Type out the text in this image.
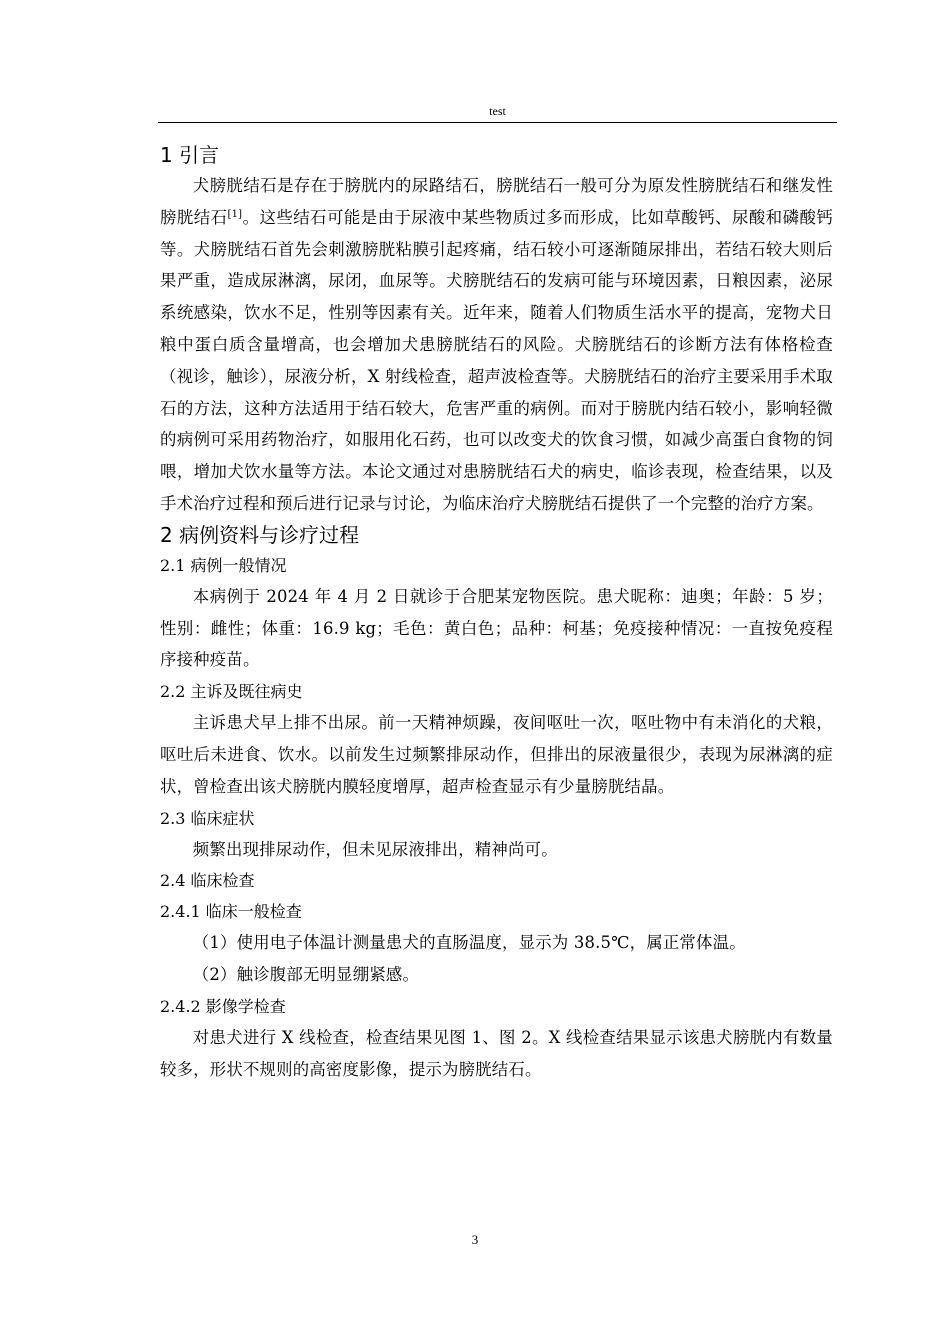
test
1 引言

犬膀胱结石是存在于膀胱内的尿路结石，膀胱结石一般可分为原发性膀胱结石和继发性膀胱结石[1]。这些结石可能是由于尿液中某些物质过多而形成，比如草酸钙、尿酸和磷酸钙等。犬膀胱结石首先会刺激膀胱粘膜引起疼痛，结石较小可逐渐随尿排出，若结石较大则后果严重，造成尿淋漓，尿闭，血尿等。犬膀胱结石的发病可能与环境因素，日粮因素，泌尿系统感染，饮水不足，性别等因素有关。近年来，随着人们物质生活水平的提高，宠物犬日粮中蛋白质含量增高，也会增加犬患膀胱结石的风险。犬膀胱结石的诊断方法有体格检查（视诊，触诊），尿液分析，X 射线检查，超声波检查等。犬膀胱结石的治疗主要采用手术取石的方法，这种方法适用于结石较大，危害严重的病例。而对于膀胱内结石较小，影响轻微的病例可采用药物治疗，如服用化石药，也可以改变犬的饮食习惯，如减少高蛋白食物的饲喂，增加犬饮水量等方法。本论文通过对患膀胱结石犬的病史，临诊表现，检查结果，以及手术治疗过程和预后进行记录与讨论，为临床治疗犬膀胱结石提供了一个完整的治疗方案。

2 病例资料与诊疗过程
2.1 病例一般情况

本病例于 2024 年 4 月 2 日就诊于合肥某宠物医院。患犬昵称：迪奥；年龄：5 岁；性别：雌性；体重：16.9 kg；毛色：黄白色；品种：柯基；免疫接种情况：一直按免疫程序接种疫苗。

2.2 主诉及既往病史

主诉患犬早上排不出尿。前一天精神烦躁，夜间呕吐一次，呕吐物中有未消化的犬粮，呕吐后未进食、饮水。以前发生过频繁排尿动作，但排出的尿液量很少，表现为尿淋漓的症状，曾检查出该犬膀胱内膜轻度增厚，超声检查显示有少量膀胱结晶。

2.3 临床症状

频繁出现排尿动作，但未见尿液排出，精神尚可。

2.4 临床检查
2.4.1 临床一般检查

（1）使用电子体温计测量患犬的直肠温度，显示为 38.5℃，属正常体温。

（2）触诊腹部无明显绷紧感。

2.4.2 影像学检查

对患犬进行 X 线检查，检查结果见图 1、图 2。X 线检查结果显示该患犬膀胱内有数量较多，形状不规则的高密度影像，提示为膀胱结石。

3
